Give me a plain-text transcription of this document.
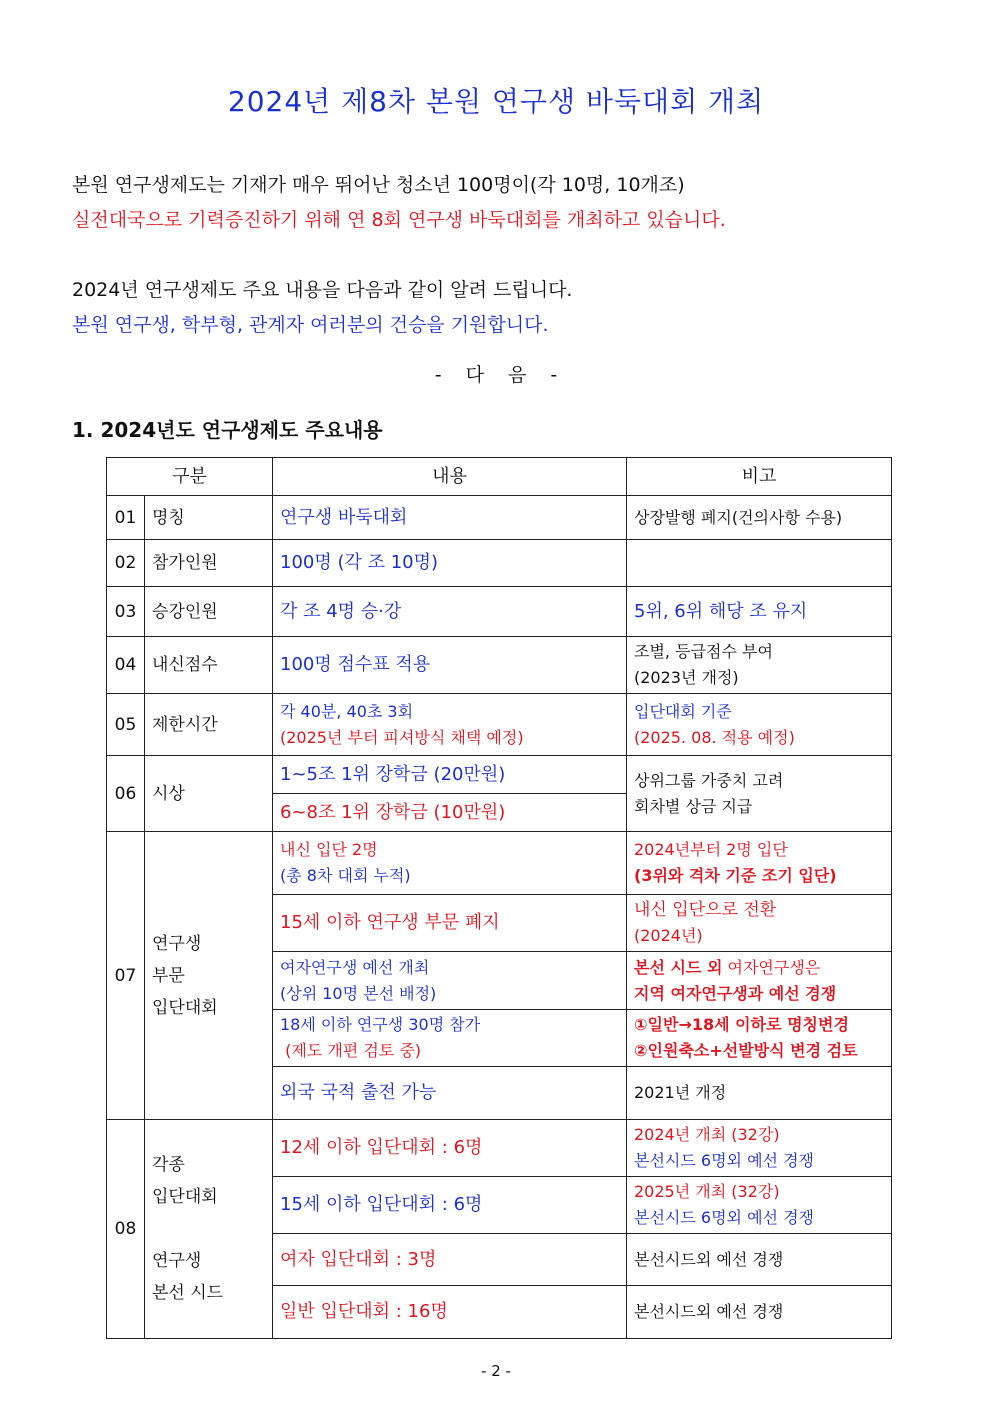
2024년 제8차 본원 연구생 바둑대회 개최
본원 연구생제도는 기재가 매우 뛰어난 청소년 100명이(각 10명, 10개조)
실전대국으로 기력증진하기 위해 연 8회 연구생 바둑대회를 개최하고 있습니다.
2024년 연구생제도 주요 내용을 다음과 같이 알려 드립니다.
본원 연구생, 학부형, 관계자 여러분의 건승을 기원합니다.
- 다 음 -
1. 2024년도 연구생제도 주요내용
구분		내용	비고
01	명칭	연구생 바둑대회	상장발행 폐지(건의사항 수용)
02	참가인원	100명 (각 조 10명)	
03	승강인원	각 조 4명 승·강	5위, 6위 해당 조 유지
04	내신점수	100명 점수표 적용	조별, 등급점수 부여
(2023년 개정)

05	제한시간	각 40분, 40초 3회
(2025년 부터 피셔방식 채택 예정)	입단대회 기준
(2025. 08. 적용 예정)

06	시상	1~5조 1위 장학금 (20만원)	상위그룹 가중치 고려
회차별 상금 지급

		6~8조 1위 장학금 (10만원)	
07	연구생
부문
입단대회	내신 입단 2명
(총 8차 대회 누적)	2024년부터 2명 입단
(3위와 격차 기준 조기 입단)

		15세 이하 연구생 부문 폐지	내신 입단으로 전환
(2024년)

		여자연구생 예선 개최
(상위 10명 본선 배정)	본선 시드 외 여자연구생은
지역 여자연구생과 예선 경쟁

		18세 이하 연구생 30명 참가
(제도 개편 검토 중)	①일반→18세 이하로 명칭변경
②인원축소+선발방식 변경 검토

		외국 국적 출전 가능	2021년 개정
08	각종
입단대회
연구생
본선 시드	12세 이하 입단대회 : 6명	2024년 개최 (32강)
본선시드 6명외 예선 경쟁

		15세 이하 입단대회 : 6명	2025년 개최 (32강)
본선시드 6명외 예선 경쟁

		여자 입단대회 : 3명	본선시드외 예선 경쟁
		일반 입단대회 : 16명	본선시드외 예선 경쟁
- 2 -
